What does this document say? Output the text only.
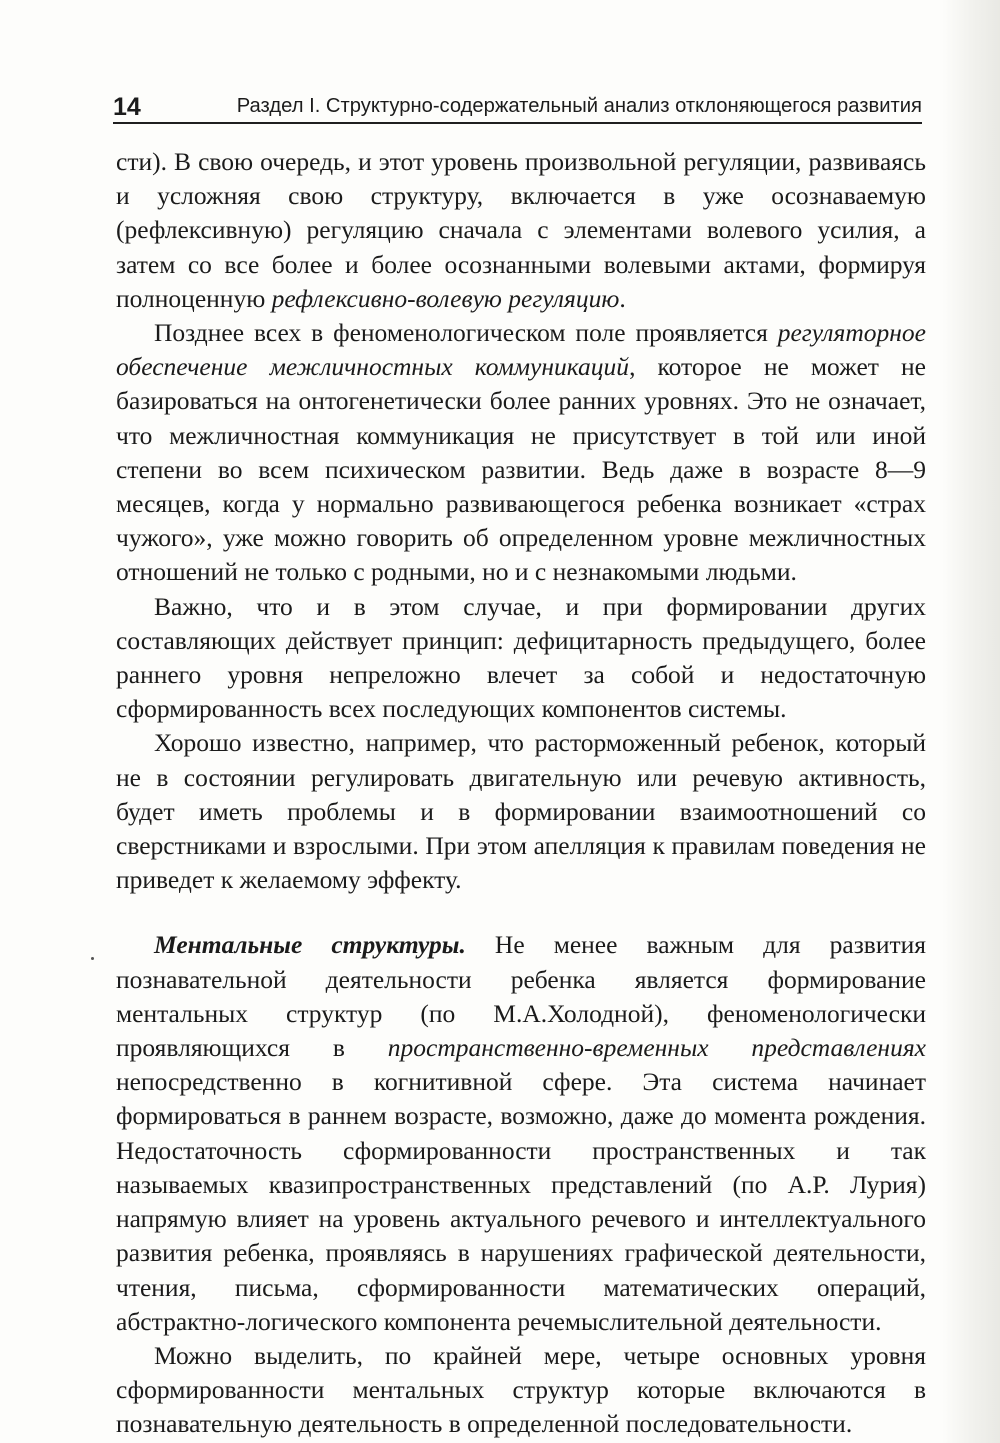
14	Раздел I. Структурно-содержательный анализ отклоняющегося развития

сти). В свою очередь, и этот уровень произвольной регуляции, развиваясь и усложняя свою структуру, включается в уже осознаваемую (рефлексивную) регуляцию сначала с элементами волевого усилия, а затем со все более и более осознанными волевыми актами, формируя полноценную рефлексивно-волевую регуляцию.

Позднее всех в феноменологическом поле проявляется регуляторное обеспечение межличностных коммуникаций, которое не может не базироваться на онтогенетически более ранних уровнях. Это не означает, что межличностная коммуникация не присутствует в той или иной степени во всем психическом развитии. Ведь даже в возрасте 8—9 месяцев, когда у нормально развивающегося ребенка возникает «страх чужого», уже можно говорить об определенном уровне межличностных отношений не только с родными, но и с незнакомыми людьми.

Важно, что и в этом случае, и при формировании других составляющих действует принцип: дефицитарность предыдущего, более раннего уровня непреложно влечет за собой и недостаточную сформированность всех последующих компонентов системы.

Хорошо известно, например, что расторможенный ребенок, который не в состоянии регулировать двигательную или речевую активность, будет иметь проблемы и в формировании взаимоотношений со сверстниками и взрослыми. При этом апелляция к правилам поведения не приведет к желаемому эффекту.

Ментальные структуры. Не менее важным для развития познавательной деятельности ребенка является формирование ментальных структур (по М.А.Холодной), феноменологически проявляющихся в пространственно-временных представлениях непосредственно в когнитивной сфере. Эта система начинает формироваться в раннем возрасте, возможно, даже до момента рождения. Недостаточность сформированности пространственных и так называемых квазипространственных представлений (по А.Р. Лурия) напрямую влияет на уровень актуального речевого и интеллектуального развития ребенка, проявляясь в нарушениях графической деятельности, чтения, письма, сформированности математических операций, абстрактно-логического компонента речемыслительной деятельности.

Можно выделить, по крайней мере, четыре основных уровня сформированности ментальных структур которые включаются в познавательную деятельность в определенной последовательности.
